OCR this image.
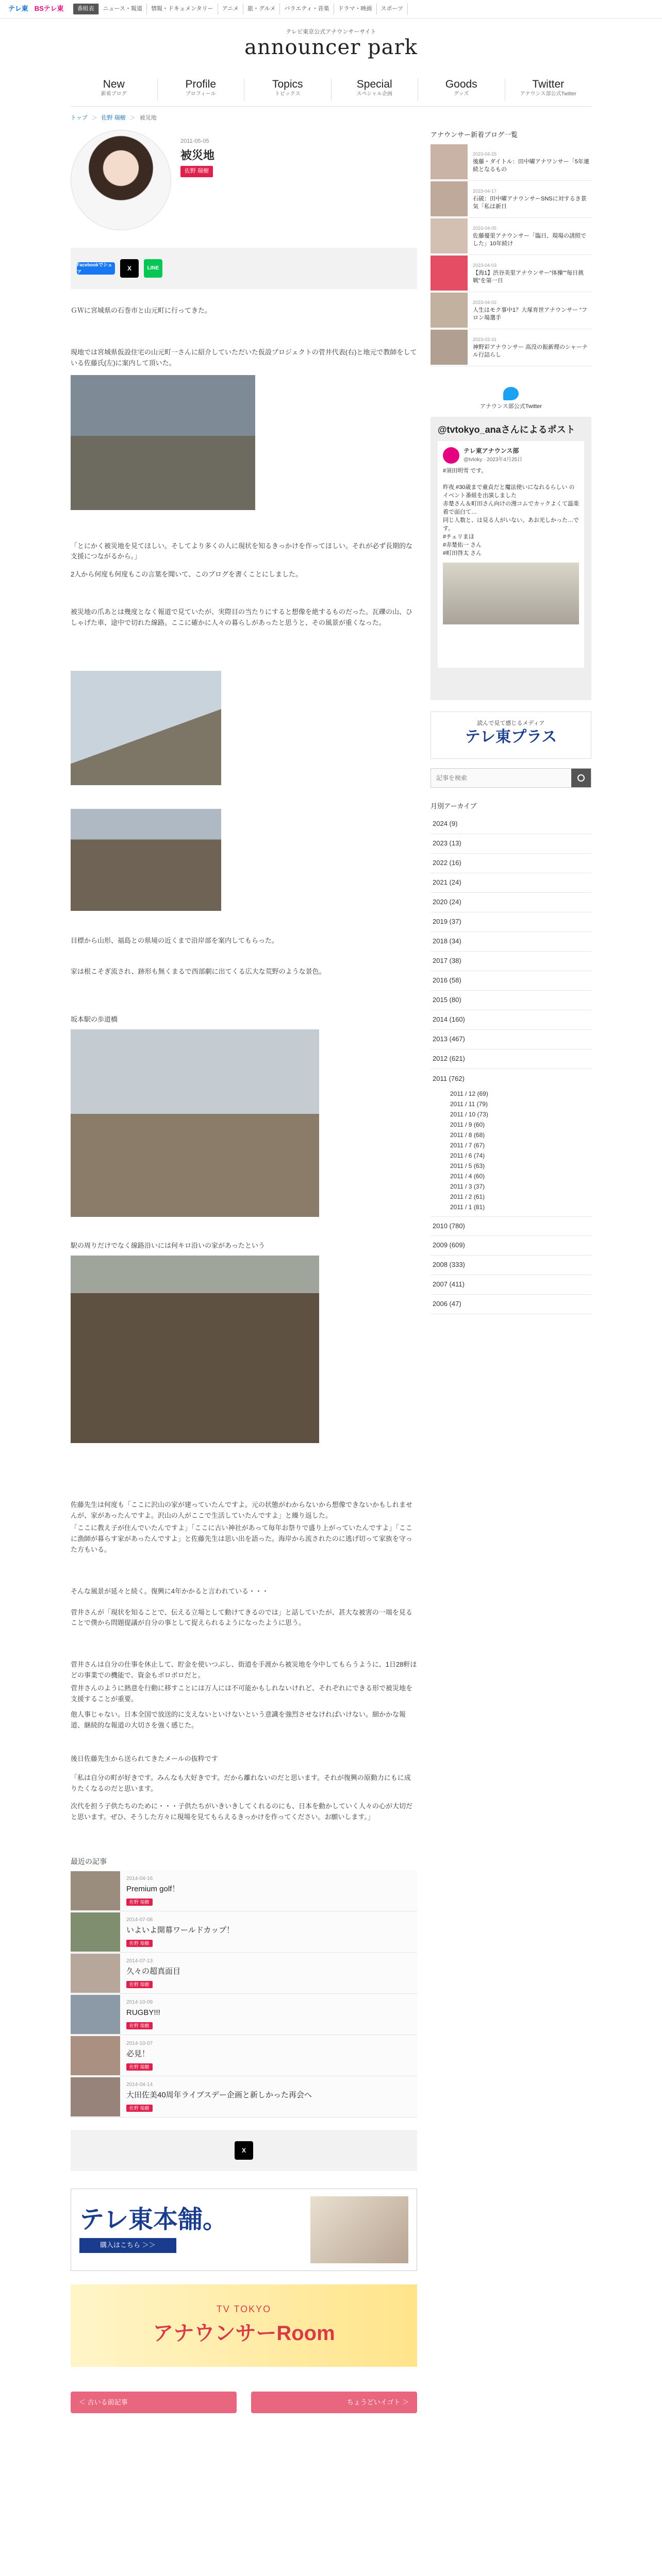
テレ東 BSテレ東	番組表	ニュース・報道	情報・ドキュメンタリー	アニメ	旅・グルメ	バラエティ・音楽	ドラマ・映画	スポーツ
テレビ東京公式アナウンサーサイト
announcer park
New
新着ブログ
Profile
プロフィール
Topics
トピックス
Special
スペシャル企画
Goods
グッズ
Twitter
アナウンス部公式Twitter
トップ ＞ 佐野 瑞樹 ＞ 被災地
2011-05-05
被災地
佐野 瑞樹
Facebookでシェア
X	LINE

ＧＷに宮城県の石巻市と山元町に行ってきた。

現地では宮城県仮設住宅の山元町一さんに紹介していただいた仮設プロジェクトの菅井代表(右)と地元で教師をしている佐藤氏(左)に案内して頂いた。

「とにかく被災地を見てほしい。そしてより多くの人に現状を知るきっかけを作ってほしい。それが必ず長期的な支援につながるから。」

2人から何度も何度もこの言葉を聞いて、このブログを書くことにしました。

被災地の爪あとは幾度となく報道で見ていたが、実際目の当たりにすると想像を絶するものだった。瓦礫の山、ひしゃげた車、途中で切れた線路。ここに確かに人々の暮らしがあったと思うと、その風景が重くなった。

目標から山形、福島との県境の近くまで沿岸部を案内してもらった。

家は根こそぎ流され、跡形も無くまるで西部劇に出てくる広大な荒野のような景色。

坂本駅の歩道橋

駅の周りだけでなく線路沿いには何キロ沿いの家があったという

佐藤先生は何度も「ここに沢山の家が建っていたんですよ。元の状態がわからないから想像できないかもしれませんが、家があったんですよ。沢山の人がここで生活していたんですよ」と繰り返した。

「ここに教え子が住んでいたんですよ」「ここに古い神社があって毎年お祭りで盛り上がっていたんですよ」「ここに漁師が暮らす家があったんですよ」と佐藤先生は思い出を語った。海岸から流されたのに逃げ切って家族を守った方もいる。

そんな風景が延々と続く。復興に4年かかると言われている・・・

菅井さんが「現状を知ることで、伝える立場として動けてきるのでは」と話していたが、甚大な被害の一端を見ることで僕から問題提議が自分の事として捉えられるようになったように思う。

菅井さんは自分の仕事を休止して、貯金を使いつぶし、街道を手渡から被災地を今中してもらうように、1日28軒ほどの事業での機能で、資金もボロボロだと。

菅井さんのように熱意を行動に移すことには万人には不可能かもしれないけれど、それぞれにできる形で被災地を支援することが重要。

他人事じゃない。日本全国で放送的に支えないといけないという意識を強烈させなければいけない。細かかな報道、継続的な報道の大切さを強く感じた。

後日佐藤先生から送られてきたメールの抜粋です

「私は自分の町が好きです。みんなも大好きです。だから離れないのだと思います。それが復興の原動力にもに成りたくなるのだと思います。

次代を担う子供たちのために・・・子供たちがいきいきしてくれるのにも、日本を動かしていく人々の心が大切だと思います。ぜひ、そうした方々に現場を見てもらえるきっかけを作ってください。お願いします。」

最近の記事
2014-04-16
Premium golf！
佐野 瑞樹
2014-07-08
いよいよ開幕ワールドカップ！
佐野 瑞樹
2014-07-13
久々の超真面目
佐野 瑞樹
2014-10-09
RUGBY!!!
佐野 瑞樹
2014-10-07
必見！
佐野 瑞樹
2014-04-14
大田佐美40周年ライブスデー企画と新しかった再会へ
佐野 瑞樹
X
テレ東本舗。
購入はこちら ＞＞
TV TOKYO
アナウンサーRoom
＜ 古いる前記事	ちょうどいイゴト ＞
アナウンサー新着ブログ一覧
2023-04-25
後藤・ダイトル：田中曜アナワンサー「5年連続となるもの
2023-04-17
石破：田中曜アナウンサーSNSに対するき景気「私は新日
2023-04-05
佐藤優里アナウンサー「臨日、現場の誘照でした」10年続け
2023-04-03
【海1】渋谷美里アナウンサー“体操”“毎日挑戦”を第一日
2023-04-02
人生はモク事中1？大塚育世アナウンサー “フロン場選手
2023-03-31
神野彩アナウンサー 高没の振新理のシャーナル行詰らし
アナウンス部公式Twitter
@tvtokyo_anaさんによるポスト
テレ東アナウンス部
@tvtoky · 2023年4月25日
#須田明雪 です。

昨夜 #30歳まで童貞だと魔法使いになれるらしい のイベント番組を出演しました
赤楚さん＆町田さん向けの漫コムでカックよくて温楽着で面白て…
同じ人数と、は見る人がいない。あお光しかった…です。
#チェリまほ
#赤楚佑一 さん
#町田啓太 さん
読んで見て感じるメディア
テレ東プラス
記事を検索
月別アーカイブ
2024 (9)
2023 (13)
2022 (16)
2021 (24)
2020 (24)
2019 (37)
2018 (34)
2017 (38)
2016 (58)
2015 (80)
2014 (160)
2013 (467)
2012 (621)
2011 (762)
2011 / 12 (69)
2011 / 11 (79)
2011 / 10 (73)
2011 / 9 (60)
2011 / 8 (68)
2011 / 7 (67)
2011 / 6 (74)
2011 / 5 (63)
2011 / 4 (60)
2011 / 3 (37)
2011 / 2 (61)
2011 / 1 (81)
2010 (780)
2009 (609)
2008 (333)
2007 (411)
2006 (47)
